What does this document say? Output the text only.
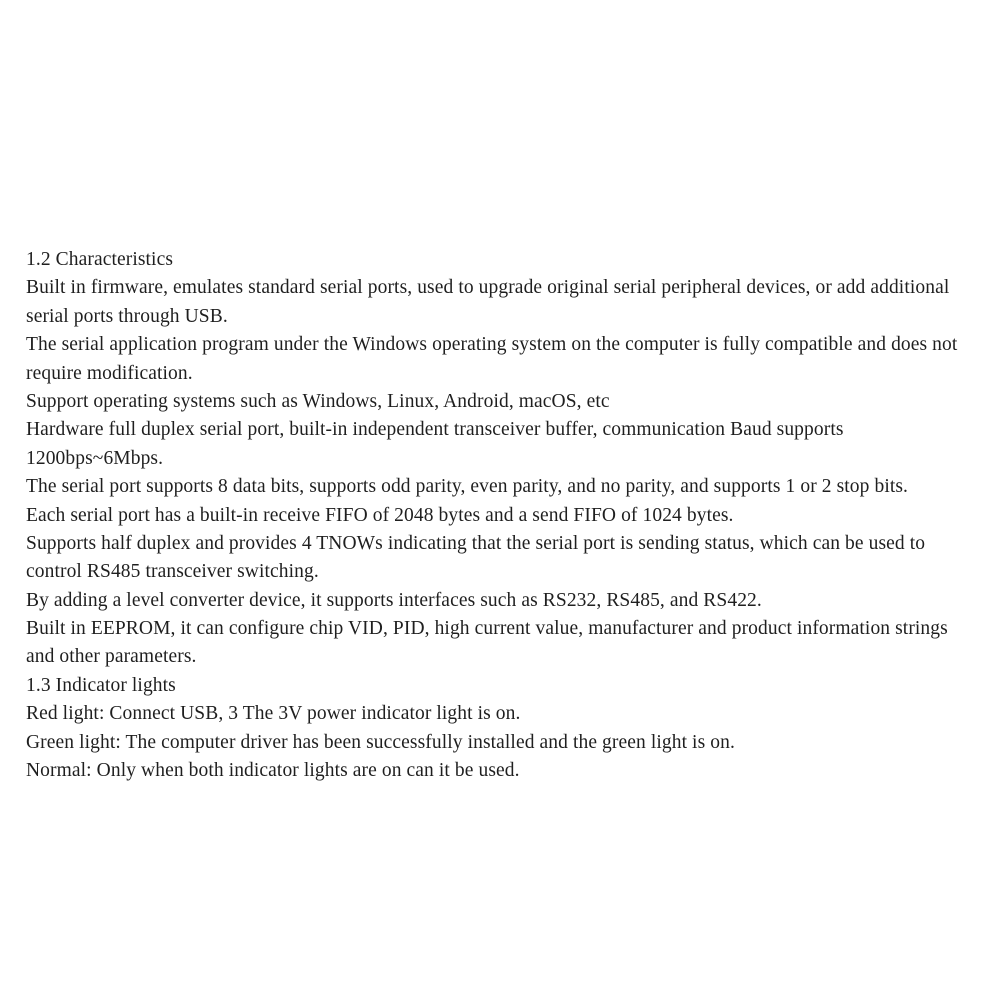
1.2 Characteristics
Built in firmware, emulates standard serial ports, used to upgrade original serial peripheral devices, or add additional
serial ports through USB.
The serial application program under the Windows operating system on the computer is fully compatible and does not
require modification.
Support operating systems such as Windows, Linux, Android, macOS, etc
Hardware full duplex serial port, built-in independent transceiver buffer, communication Baud supports
1200bps~6Mbps.
The serial port supports 8 data bits, supports odd parity, even parity, and no parity, and supports 1 or 2 stop bits.
Each serial port has a built-in receive FIFO of 2048 bytes and a send FIFO of 1024 bytes.
Supports half duplex and provides 4 TNOWs indicating that the serial port is sending status, which can be used to
control RS485 transceiver switching.
By adding a level converter device, it supports interfaces such as RS232, RS485, and RS422.
Built in EEPROM, it can configure chip VID, PID, high current value, manufacturer and product information strings
and other parameters.
1.3 Indicator lights
Red light: Connect USB, 3 The 3V power indicator light is on.
Green light: The computer driver has been successfully installed and the green light is on.
Normal: Only when both indicator lights are on can it be used.
